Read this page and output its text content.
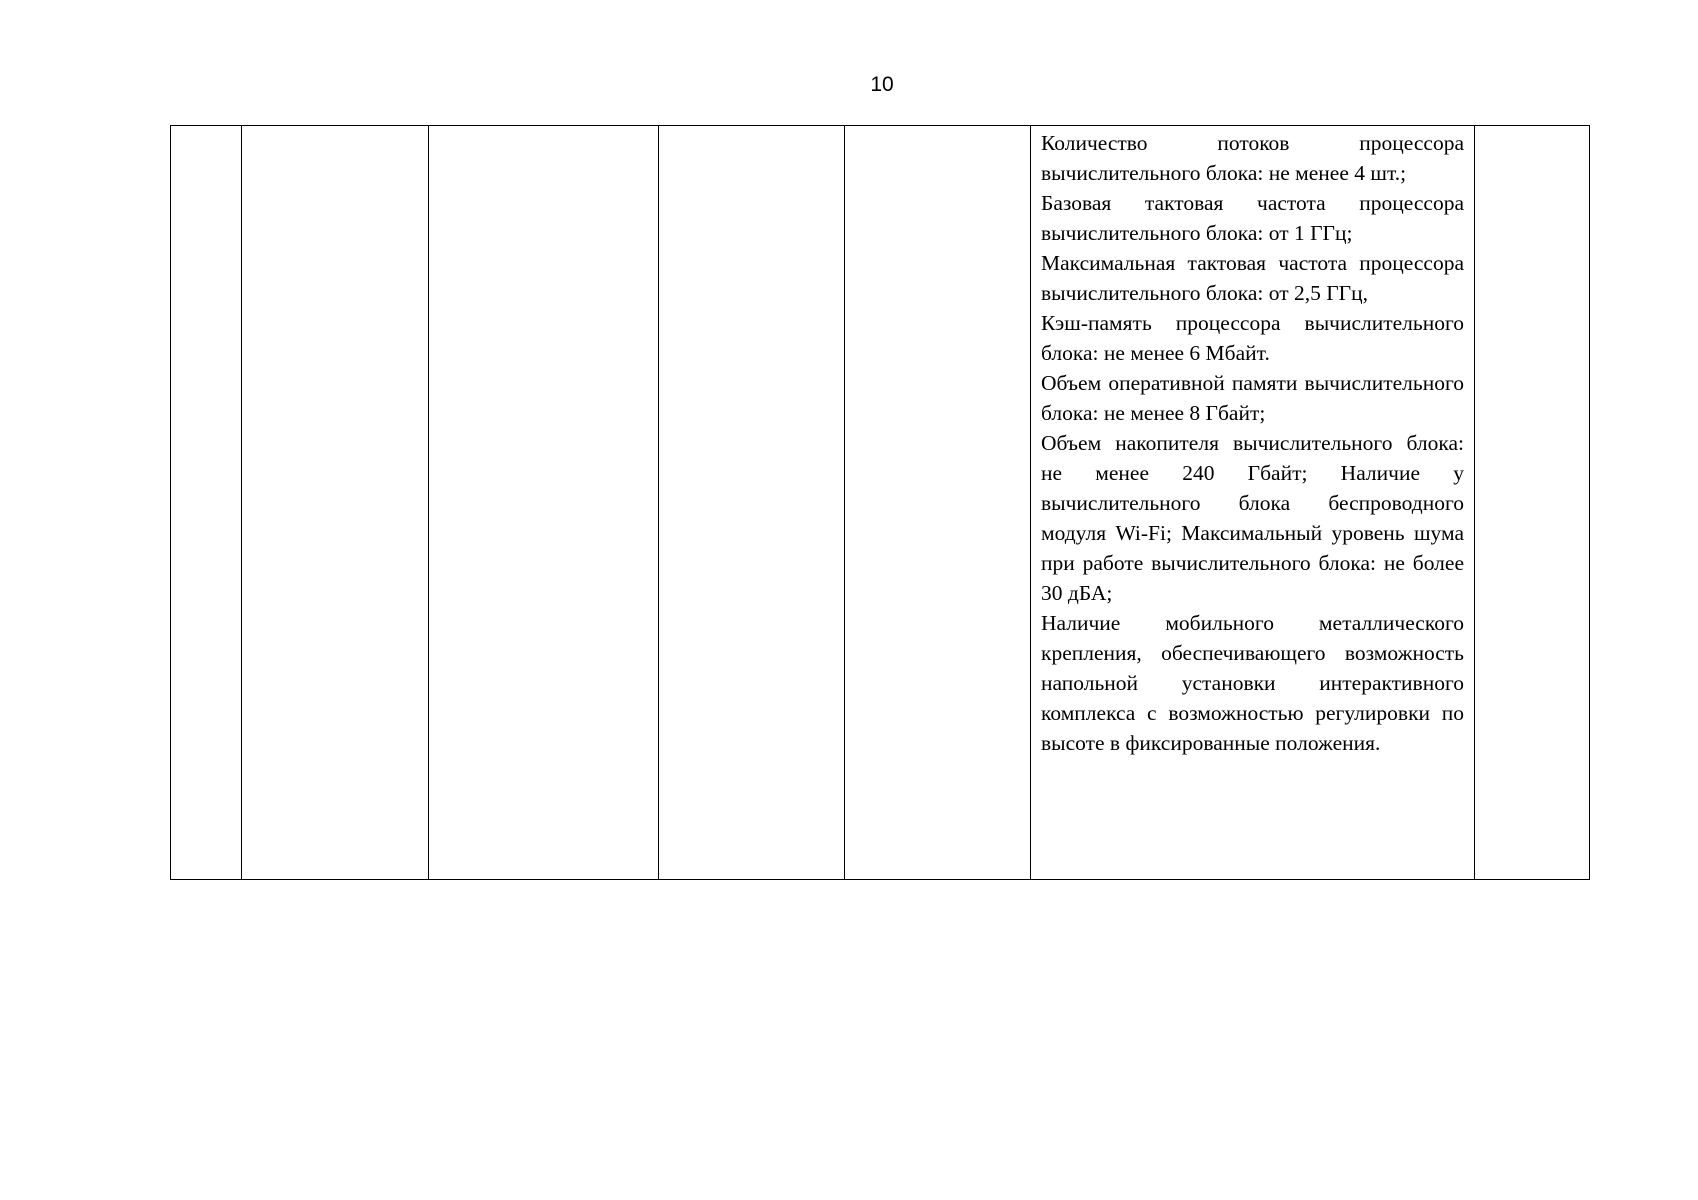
10

Количество потоков процессора вычислительного блока: не менее 4 шт.;

Базовая тактовая частота процессора вычислительного блока: от 1 ГГц;

Максимальная тактовая частота процессора вычислительного блока: от 2,5 ГГц,

Кэш-память процессора вычислительного блока: не менее 6 Мбайт.

Объем оперативной памяти вычислительного блока: не менее 8 Гбайт;

Объем накопителя вычислительного блока: не менее 240 Гбайт; Наличие у вычислительного блока беспроводного модуля Wi-Fi; Максимальный уровень шума при работе вычислительного блока: не более 30 дБА;

Наличие мобильного металлического крепления, обеспечивающего возможность напольной установки интерактивного комплекса с возможностью регулировки по высоте в фиксированные положения.
